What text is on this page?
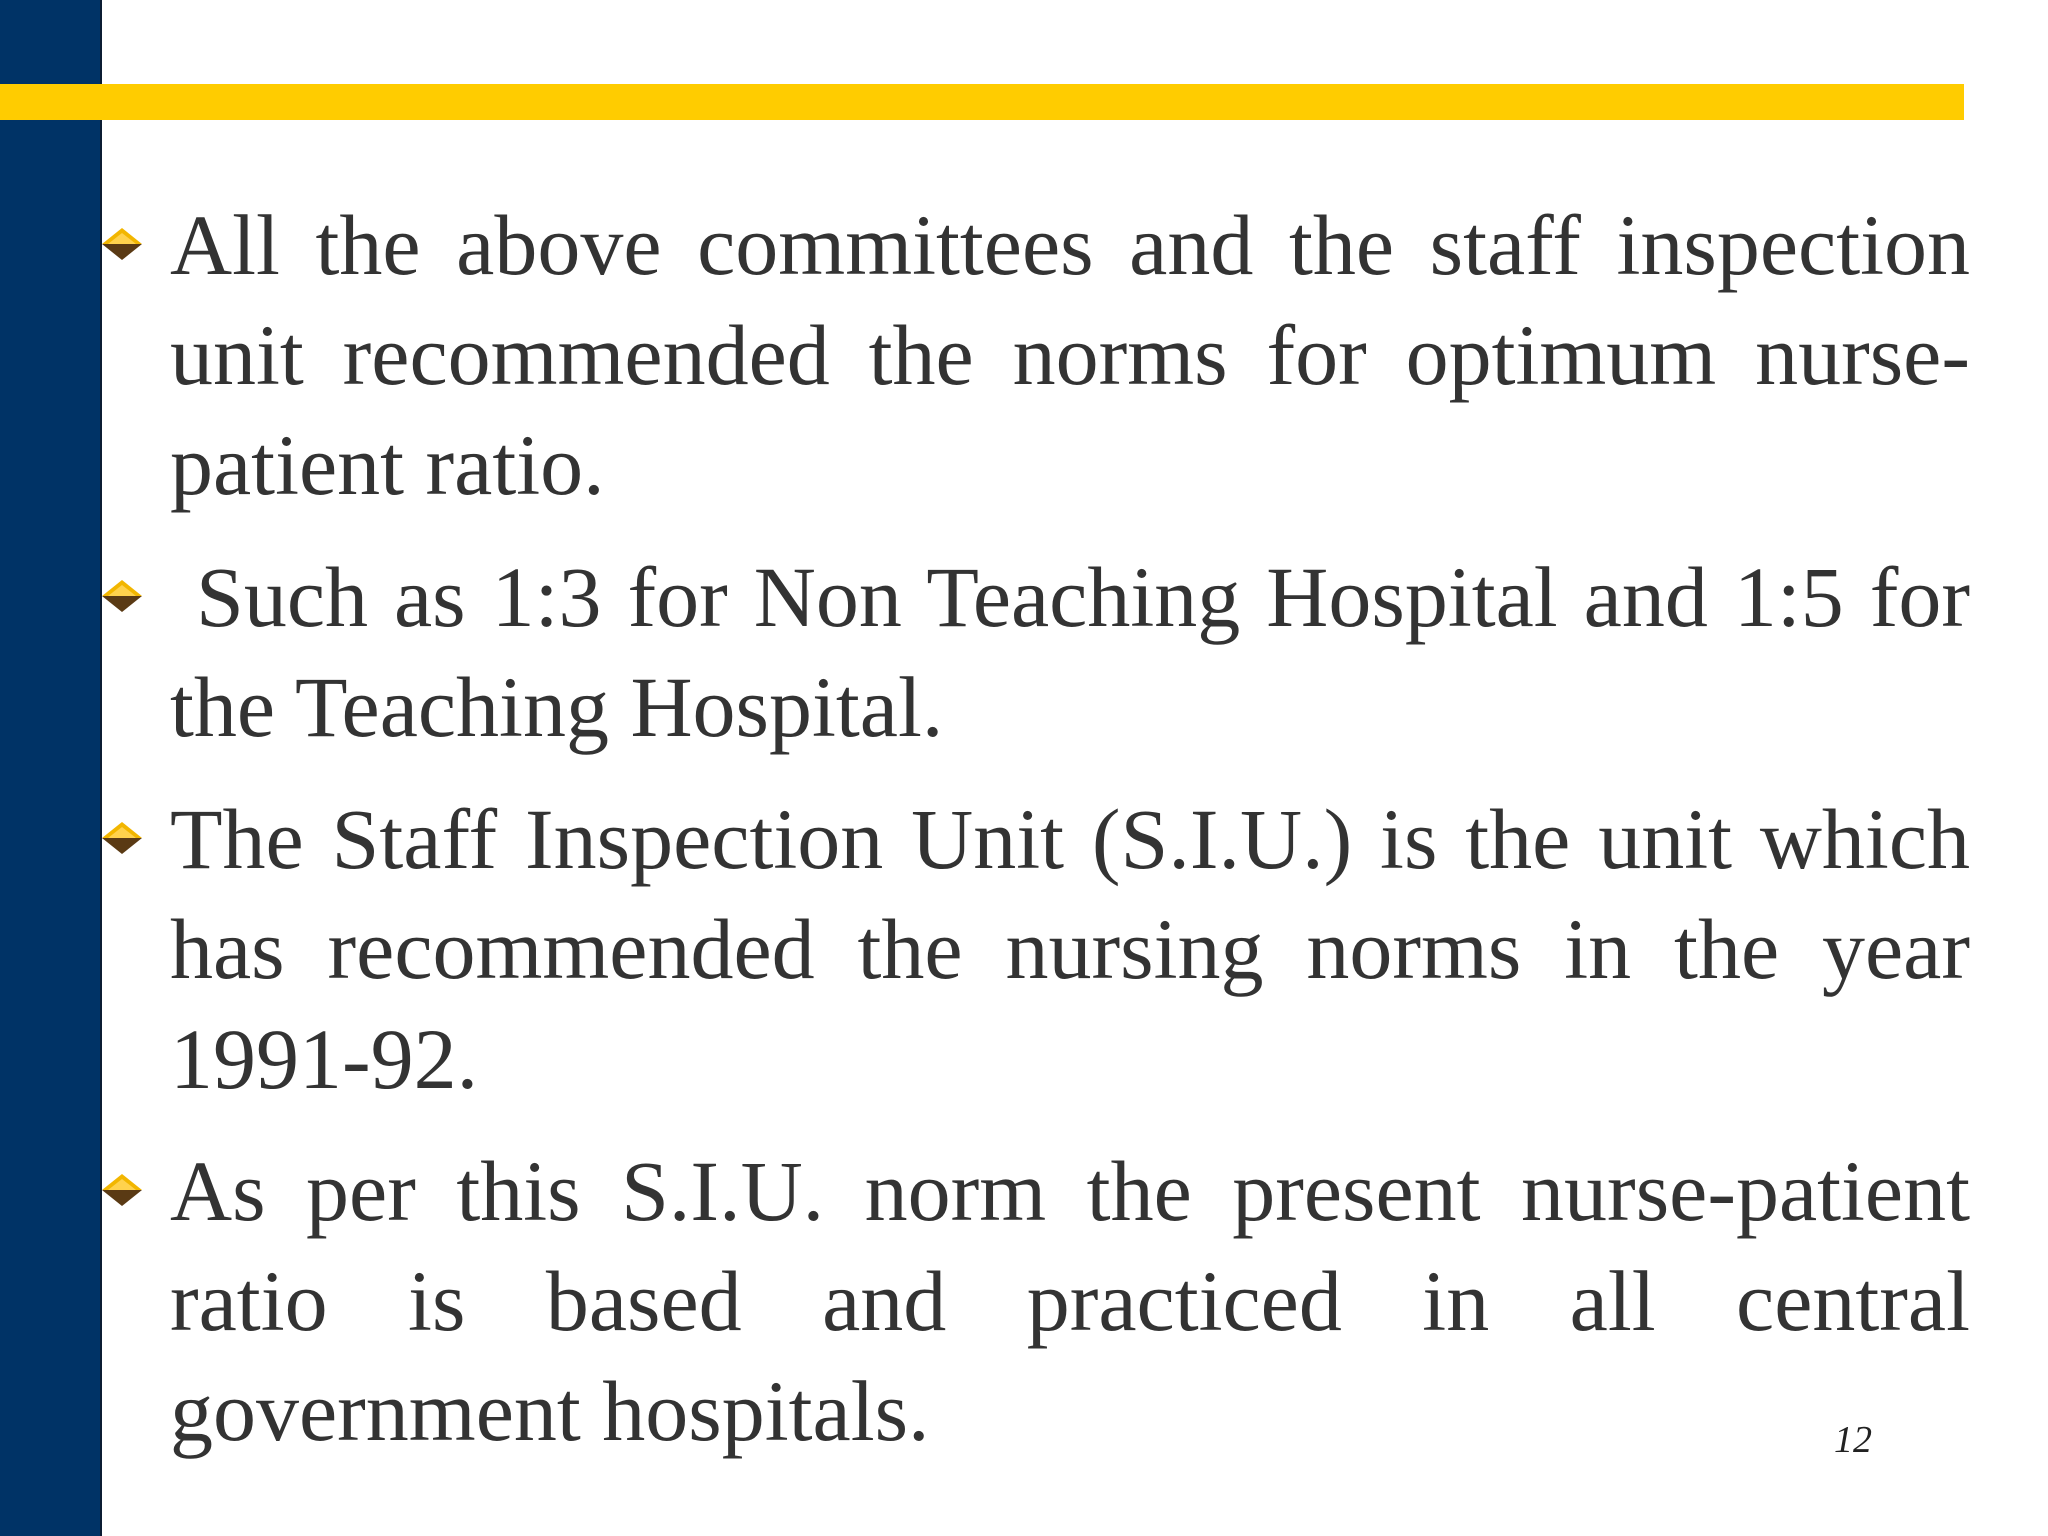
All the above committees and the staff inspection unit recommended the norms for optimum nurse-patient ratio.
Such as 1:3 for Non Teaching Hospital and 1:5 for the Teaching Hospital.
The Staff Inspection Unit (S.I.U.) is the unit which has recommended the nursing norms in the year 1991-92.
As per this S.I.U. norm the present nurse-patient ratio is based and practiced in all central government hospitals.	12
